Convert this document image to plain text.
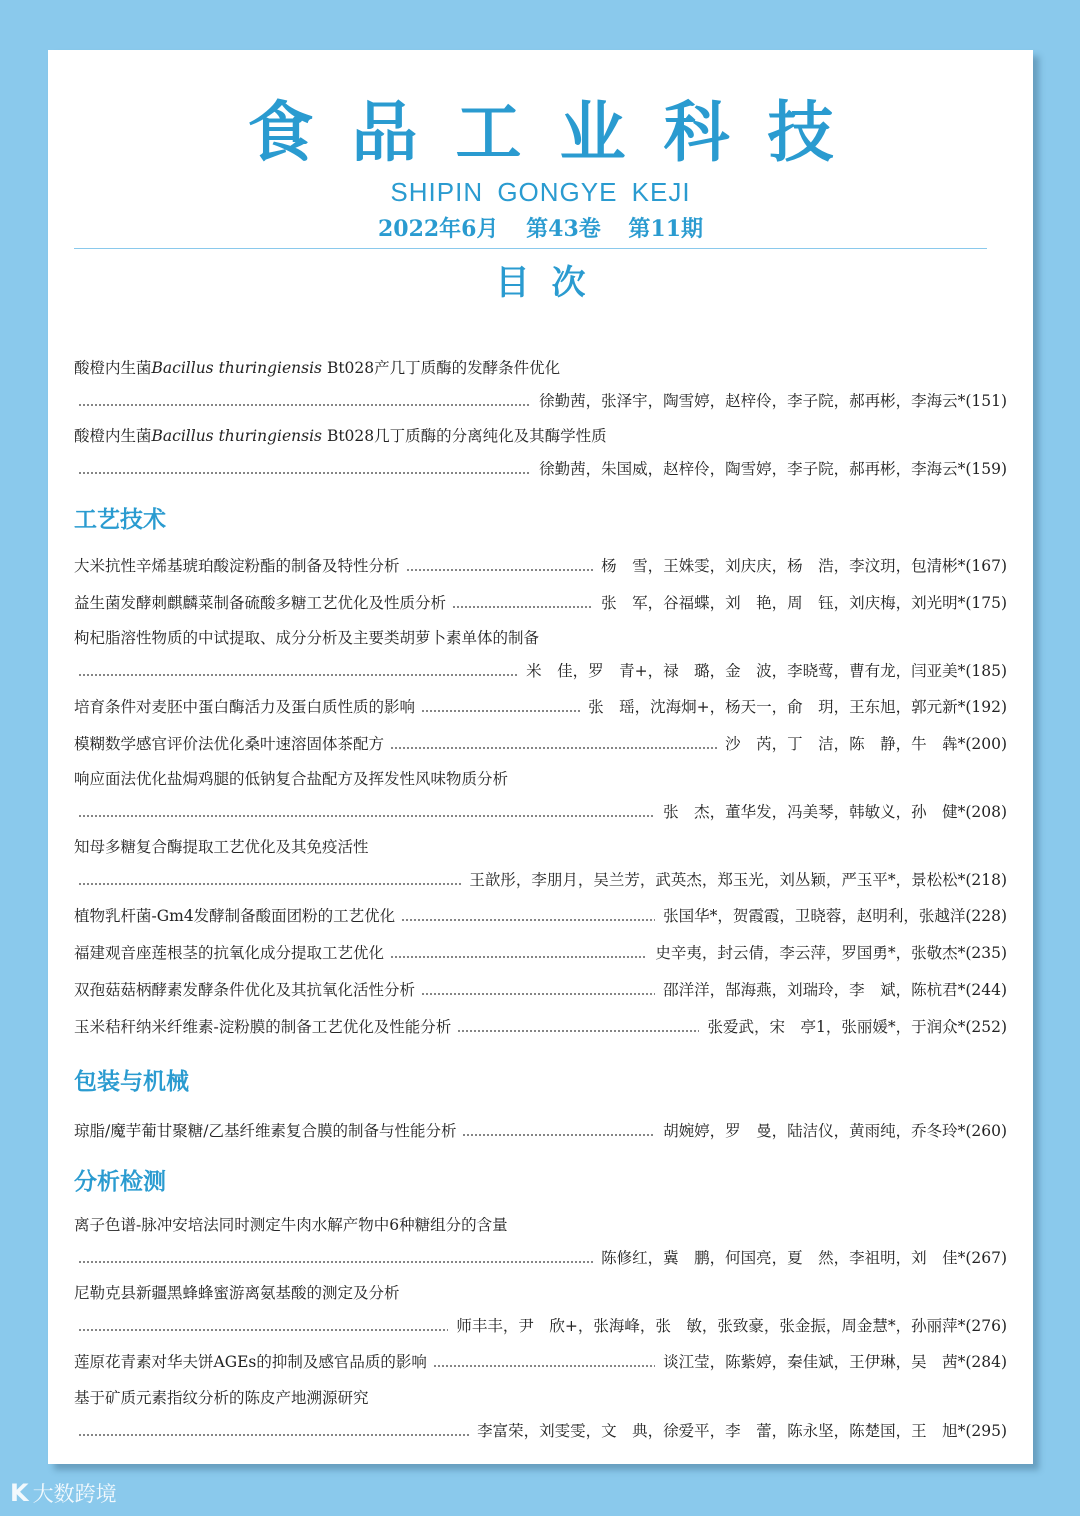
食品工业科技
SHIPIN GONGYE KEJI
2022年6月 第43卷 第11期
目次
酸橙内生菌Bacillus thuringiensis Bt028产几丁质酶的发酵条件优化
徐勤茜，张泽宇，陶雪婷，赵梓伶，李子院，郝再彬，李海云*(151)
酸橙内生菌Bacillus thuringiensis Bt028几丁质酶的分离纯化及其酶学性质
徐勤茜，朱国威，赵梓伶，陶雪婷，李子院，郝再彬，李海云*(159)
工艺技术
大米抗性辛烯基琥珀酸淀粉酯的制备及特性分析	杨　雪，王姝雯，刘庆庆，杨　浩，李汶玥，包清彬*(167)
益生菌发酵刺麒麟菜制备硫酸多糖工艺优化及性质分析	张　军，谷福蝶，刘　艳，周　钰，刘庆梅，刘光明*(175)
枸杞脂溶性物质的中试提取、成分分析及主要类胡萝卜素单体的制备
米　佳，罗　青+，禄　璐，金　波，李晓莺，曹有龙，闫亚美*(185)
培育条件对麦胚中蛋白酶活力及蛋白质性质的影响	张　瑶，沈海炯+，杨天一，俞　玥，王东旭，郭元新*(192)
模糊数学感官评价法优化桑叶速溶固体茶配方	沙　芮，丁　洁，陈　静，牛　犇*(200)
响应面法优化盐焗鸡腿的低钠复合盐配方及挥发性风味物质分析
张　杰，董华发，冯美琴，韩敏义，孙　健*(208)
知母多糖复合酶提取工艺优化及其免疫活性
王歆彤，李朋月，吴兰芳，武英杰，郑玉光，刘丛颖，严玉平*，景松松*(218)
植物乳杆菌-Gm4发酵制备酸面团粉的工艺优化	张国华*，贺霞霞，卫晓蓉，赵明利，张越洋(228)
福建观音座莲根茎的抗氧化成分提取工艺优化	史辛夷，封云倩，李云萍，罗国勇*，张敬杰*(235)
双孢菇菇柄酵素发酵条件优化及其抗氧化活性分析	邵洋洋，郜海燕，刘瑞玲，李　斌，陈杭君*(244)
玉米秸秆纳米纤维素-淀粉膜的制备工艺优化及性能分析	张爱武，宋　亭1，张丽媛*，于润众*(252)
包装与机械
琼脂/魔芋葡甘聚糖/乙基纤维素复合膜的制备与性能分析	胡婉婷，罗　曼，陆洁仪，黄雨纯，乔冬玲*(260)
分析检测
离子色谱-脉冲安培法同时测定牛肉水解产物中6种糖组分的含量
陈修红，冀　鹏，何国亮，夏　然，李祖明，刘　佳*(267)
尼勒克县新疆黑蜂蜂蜜游离氨基酸的测定及分析
师丰丰，尹　欣+，张海峰，张　敏，张致豪，张金振，周金慧*，孙丽萍*(276)
莲原花青素对华夫饼AGEs的抑制及感官品质的影响	谈江莹，陈紫婷，秦佳斌，王伊琳，吴　茜*(284)
基于矿质元素指纹分析的陈皮产地溯源研究
李富荣，刘雯雯，文　典，徐爱平，李　蕾，陈永坚，陈楚国，王　旭*(295)
K 大数跨境
